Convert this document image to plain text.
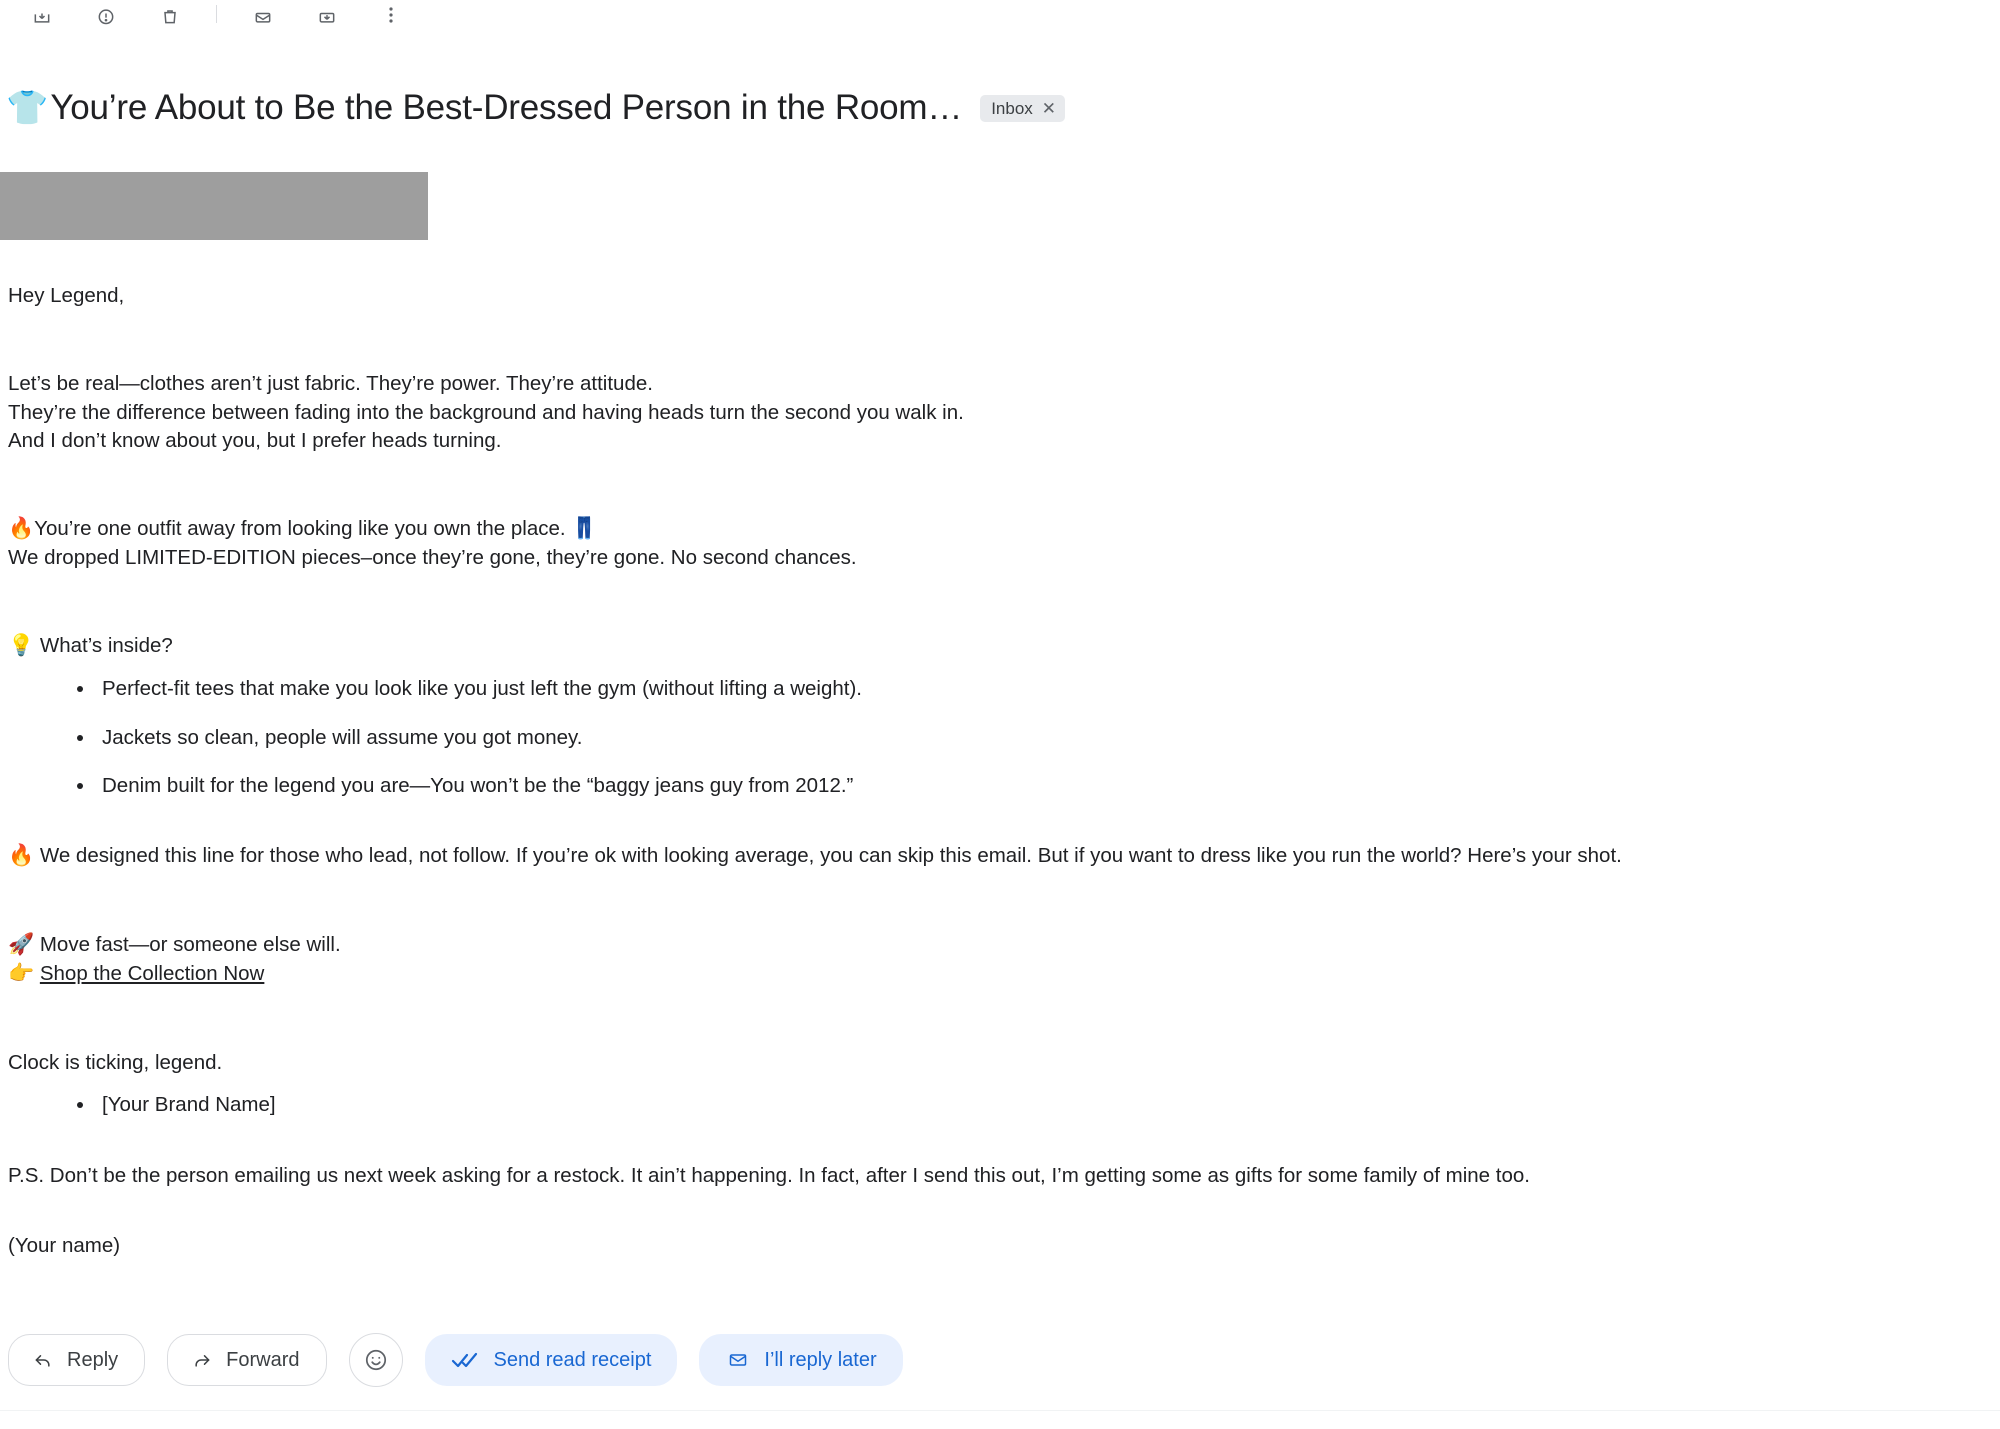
👕 You’re About to Be the Best-Dressed Person in the Room… Inbox ✕

Hey Legend,

Let’s be real—clothes aren’t just fabric. They’re power. They’re attitude.

They’re the difference between fading into the background and having heads turn the second you walk in.

And I don’t know about you, but I prefer heads turning.

🔥You’re one outfit away from looking like you own the place. 👖

We dropped LIMITED-EDITION pieces–once they’re gone, they’re gone. No second chances.

💡 What’s inside?

• Perfect-fit tees that make you look like you just left the gym (without lifting a weight).
• Jackets so clean, people will assume you got money.
• Denim built for the legend you are—You won’t be the “baggy jeans guy from 2012.”

🔥 We designed this line for those who lead, not follow. If you’re ok with looking average, you can skip this email. But if you want to dress like you run the world? Here’s your shot.

🚀 Move fast—or someone else will.

👉 Shop the Collection Now

Clock is ticking, legend.

• [Your Brand Name]

P.S. Don’t be the person emailing us next week asking for a restock. It ain’t happening. In fact, after I send this out, I’m getting some as gifts for some family of mine too.

(Your name)

Reply	Forward	Send read receipt	I’ll reply later
